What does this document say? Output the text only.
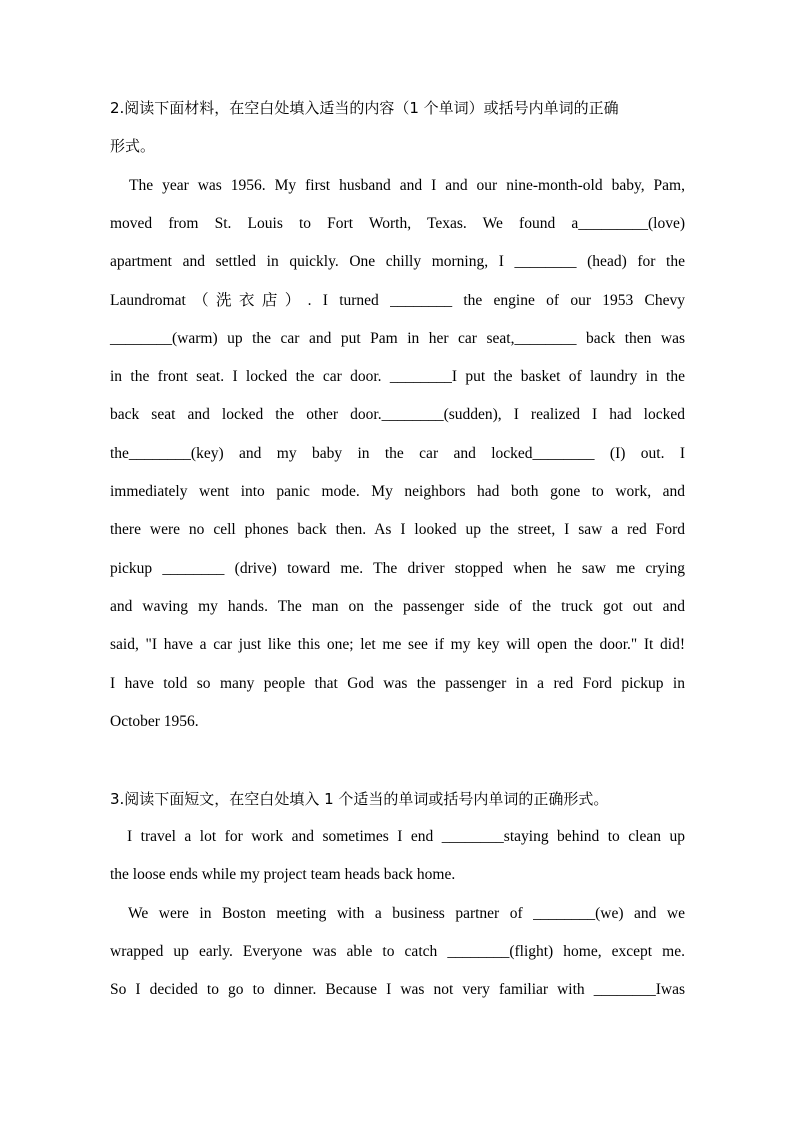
2.阅读下面材料，在空白处填入适当的内容（1 个单词）或括号内单词的正确
形式。
The year was 1956. My first husband and I and our nine-month-old baby, Pam,
moved from St. Louis to Fort Worth, Texas. We found a_________(love)
apartment and settled in quickly. One chilly morning, I ________ (head) for the
Laundromat（洗衣店）. I turned ________ the engine of our 1953 Chevy
________(warm) up the car and put Pam in her car seat,________ back then was
in the front seat. I locked the car door. ________I put the basket of laundry in the
back seat and locked the other door.________(sudden), I realized I had locked
the________(key) and my baby in the car and locked________ (I) out. I
immediately went into panic mode. My neighbors had both gone to work, and
there were no cell phones back then. As I looked up the street, I saw a red Ford
pickup ________ (drive) toward me. The driver stopped when he saw me crying
and waving my hands. The man on the passenger side of the truck got out and
said, "I have a car just like this one; let me see if my key will open the door." It did!
I have told so many people that God was the passenger in a red Ford pickup in
October 1956.
3.阅读下面短文，在空白处填入 1 个适当的单词或括号内单词的正确形式。
I travel a lot for work and sometimes I end ________staying behind to clean up
the loose ends while my project team heads back home.
We were in Boston meeting with a business partner of ________(we) and we
wrapped up early. Everyone was able to catch ________(flight) home, except me.
So I decided to go to dinner. Because I was not very familiar with ________Iwas
